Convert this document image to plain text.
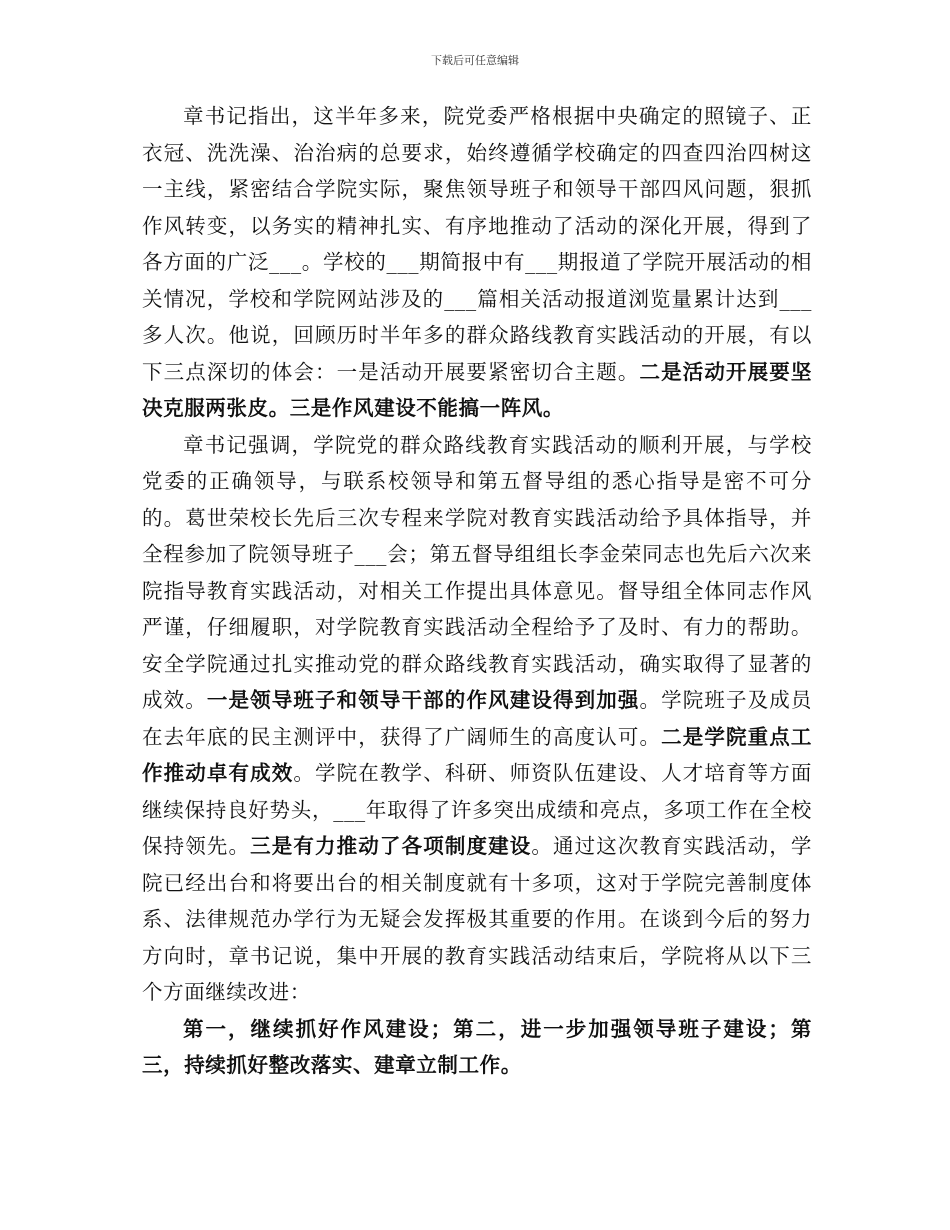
下载后可任意编辑

章书记指出，这半年多来，院党委严格根据中央确定的照镜子、正衣冠、洗洗澡、治治病的总要求，始终遵循学校确定的四查四治四树这一主线，紧密结合学院实际，聚焦领导班子和领导干部四风问题，狠抓作风转变，以务实的精神扎实、有序地推动了活动的深化开展，得到了各方面的广泛___。学校的___期简报中有___期报道了学院开展活动的相关情况，学校和学院网站涉及的___篇相关活动报道浏览量累计达到___多人次。他说，回顾历时半年多的群众路线教育实践活动的开展，有以下三点深切的体会：一是活动开展要紧密切合主题。二是活动开展要坚决克服两张皮。三是作风建设不能搞一阵风。

章书记强调，学院党的群众路线教育实践活动的顺利开展，与学校党委的正确领导，与联系校领导和第五督导组的悉心指导是密不可分的。葛世荣校长先后三次专程来学院对教育实践活动给予具体指导，并全程参加了院领导班子___会；第五督导组组长李金荣同志也先后六次来院指导教育实践活动，对相关工作提出具体意见。督导组全体同志作风严谨，仔细履职，对学院教育实践活动全程给予了及时、有力的帮助。安全学院通过扎实推动党的群众路线教育实践活动，确实取得了显著的成效。一是领导班子和领导干部的作风建设得到加强。学院班子及成员在去年底的民主测评中，获得了广阔师生的高度认可。二是学院重点工作推动卓有成效。学院在教学、科研、师资队伍建设、人才培育等方面继续保持良好势头，___年取得了许多突出成绩和亮点，多项工作在全校保持领先。三是有力推动了各项制度建设。通过这次教育实践活动，学院已经出台和将要出台的相关制度就有十多项，这对于学院完善制度体系、法律规范办学行为无疑会发挥极其重要的作用。在谈到今后的努力方向时，章书记说，集中开展的教育实践活动结束后，学院将从以下三个方面继续改进：

第一，继续抓好作风建设；第二，进一步加强领导班子建设；第三，持续抓好整改落实、建章立制工作。
